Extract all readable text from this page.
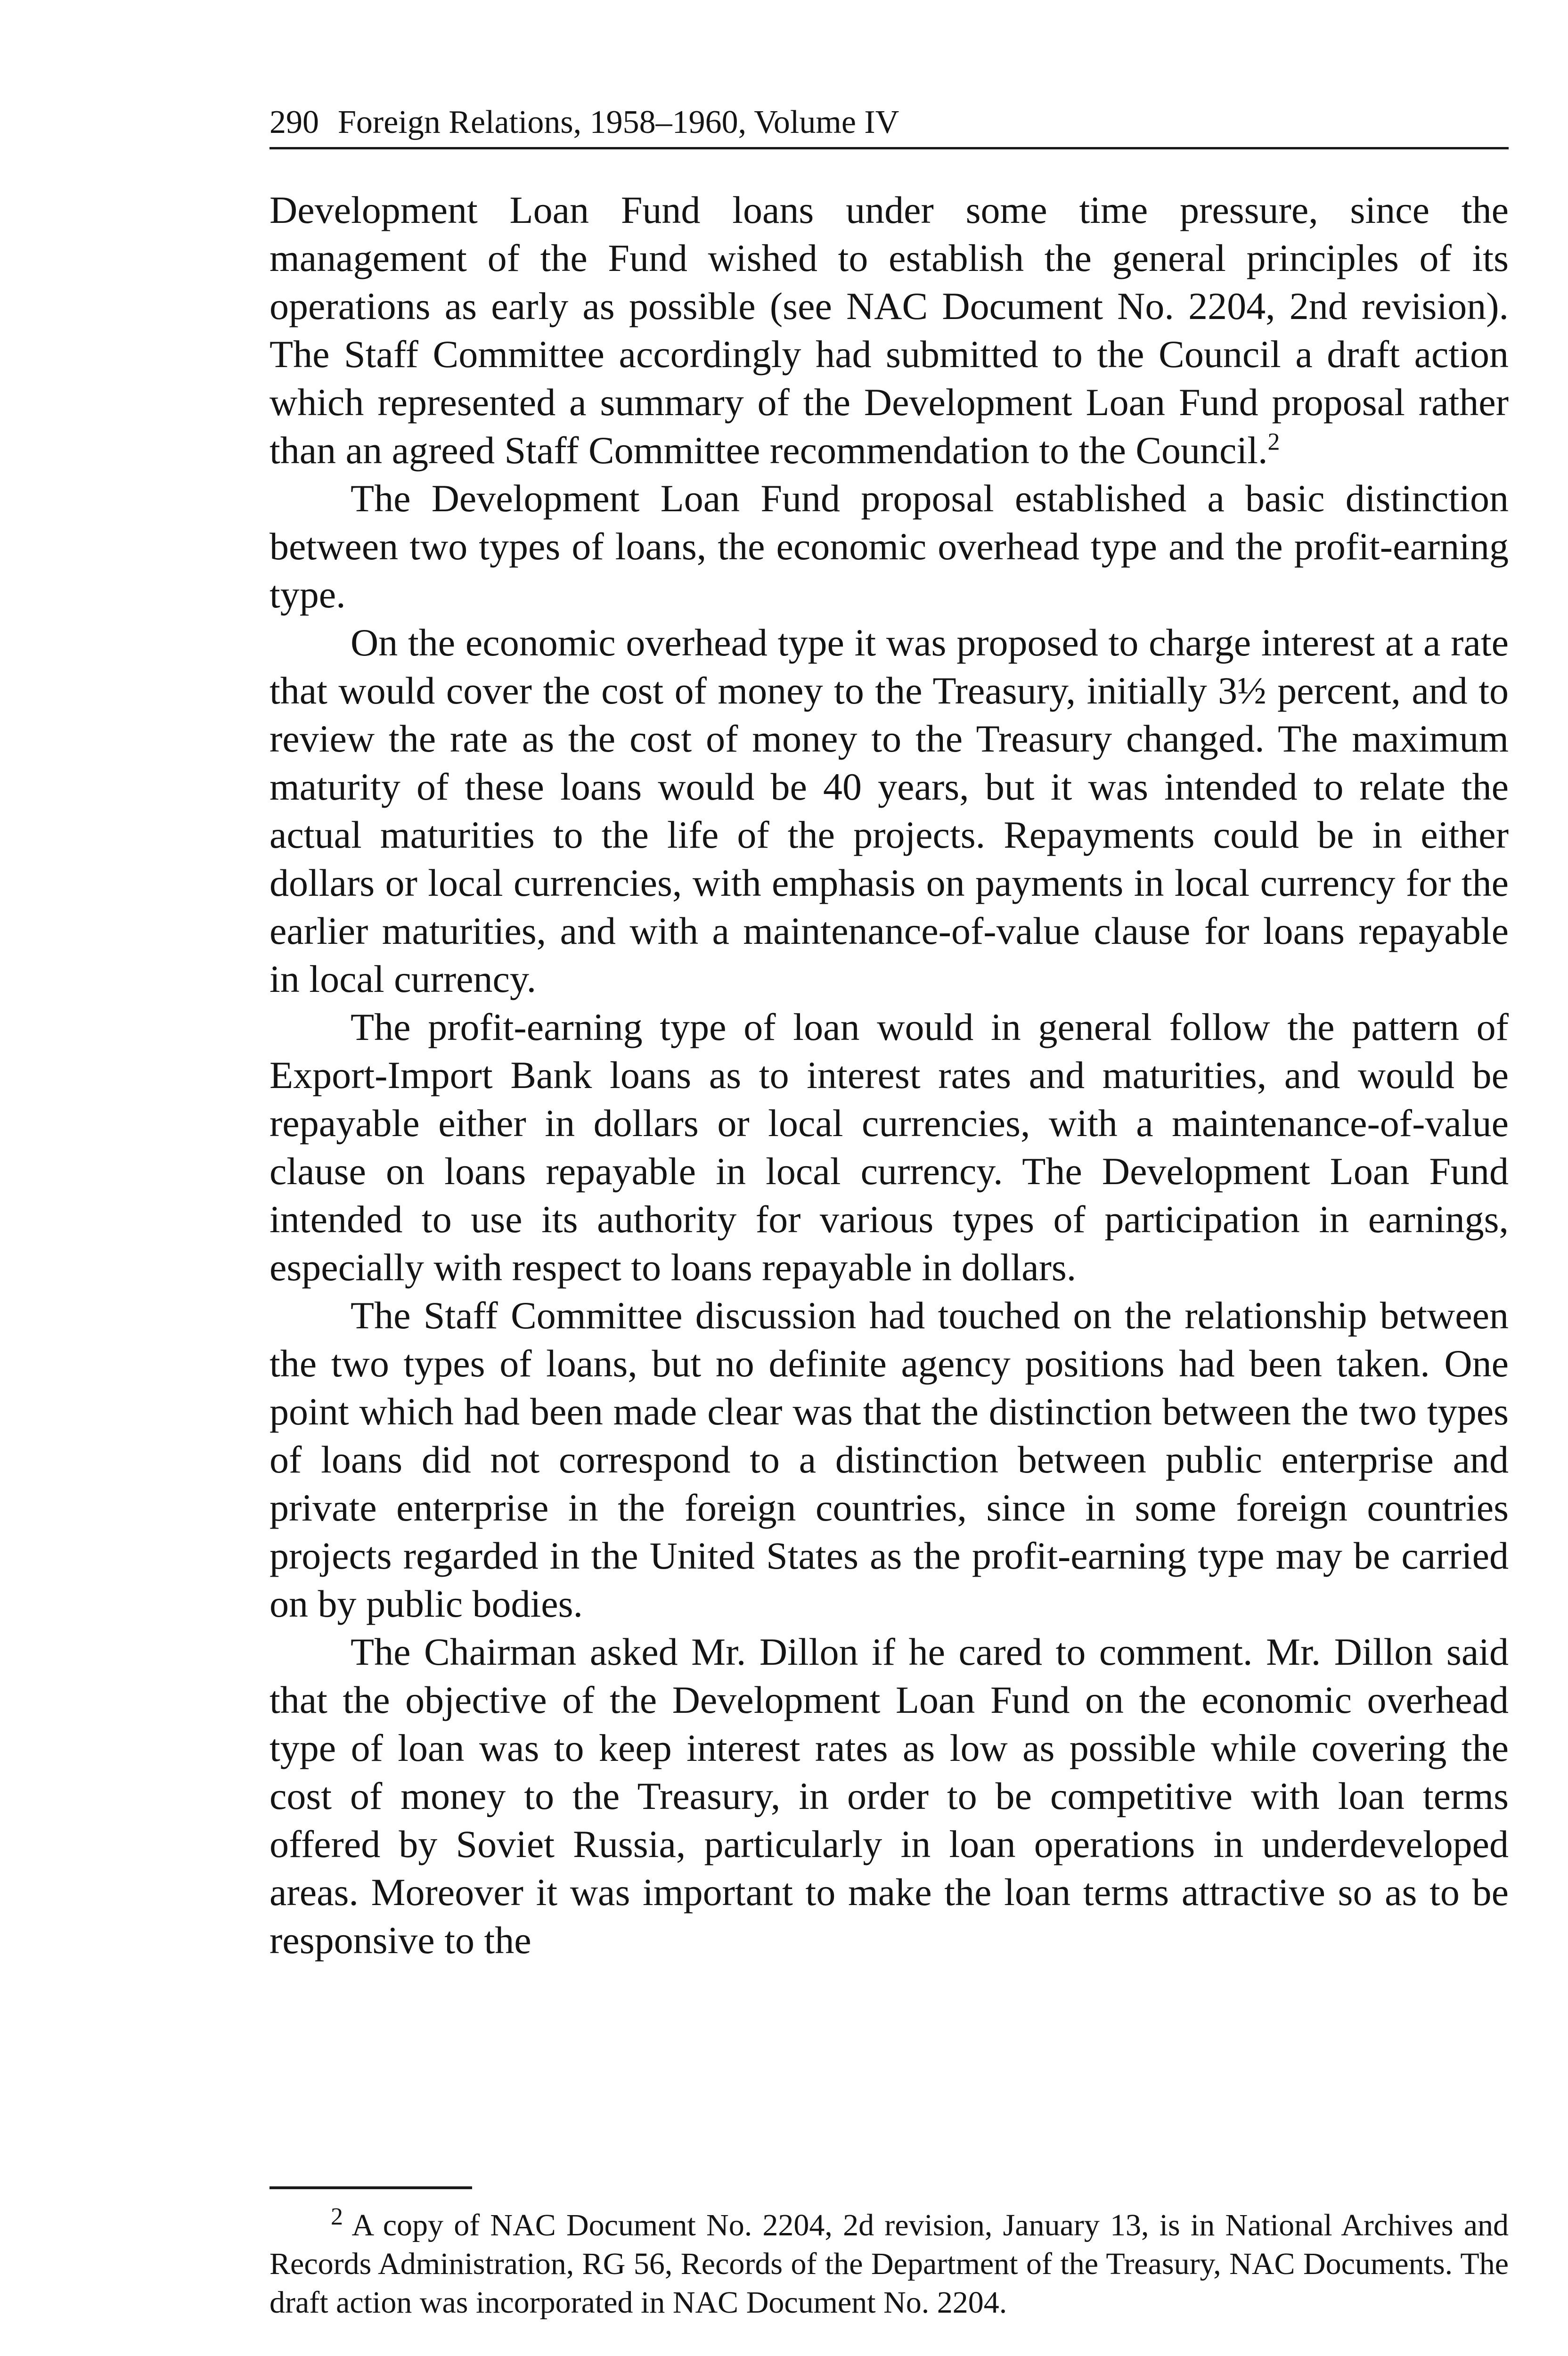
290 Foreign Relations, 1958–1960, Volume IV

Development Loan Fund loans under some time pressure, since the management of the Fund wished to establish the general principles of its operations as early as possible (see NAC Document No. 2204, 2nd revision). The Staff Committee accordingly had submitted to the Council a draft action which represented a summary of the Development Loan Fund proposal rather than an agreed Staff Committee recommendation to the Council.$^2$

The Development Loan Fund proposal established a basic distinction between two types of loans, the economic overhead type and the profit-earning type.

On the economic overhead type it was proposed to charge interest at a rate that would cover the cost of money to the Treasury, initially 3½ percent, and to review the rate as the cost of money to the Treasury changed. The maximum maturity of these loans would be 40 years, but it was intended to relate the actual maturities to the life of the projects. Repayments could be in either dollars or local currencies, with emphasis on payments in local currency for the earlier maturities, and with a maintenance-of-value clause for loans repayable in local currency.

The profit-earning type of loan would in general follow the pattern of Export-Import Bank loans as to interest rates and maturities, and would be repayable either in dollars or local currencies, with a maintenance-of-value clause on loans repayable in local currency. The Development Loan Fund intended to use its authority for various types of participation in earnings, especially with respect to loans repayable in dollars.

The Staff Committee discussion had touched on the relationship between the two types of loans, but no definite agency positions had been taken. One point which had been made clear was that the distinction between the two types of loans did not correspond to a distinction between public enterprise and private enterprise in the foreign countries, since in some foreign countries projects regarded in the United States as the profit-earning type may be carried on by public bodies.

The Chairman asked Mr. Dillon if he cared to comment. Mr. Dillon said that the objective of the Development Loan Fund on the economic overhead type of loan was to keep interest rates as low as possible while covering the cost of money to the Treasury, in order to be competitive with loan terms offered by Soviet Russia, particularly in loan operations in underdeveloped areas. Moreover it was important to make the loan terms attractive so as to be responsive to the

$^2$ A copy of NAC Document No. 2204, 2d revision, January 13, is in National Archives and Records Administration, RG 56, Records of the Department of the Treasury, NAC Documents. The draft action was incorporated in NAC Document No. 2204.
